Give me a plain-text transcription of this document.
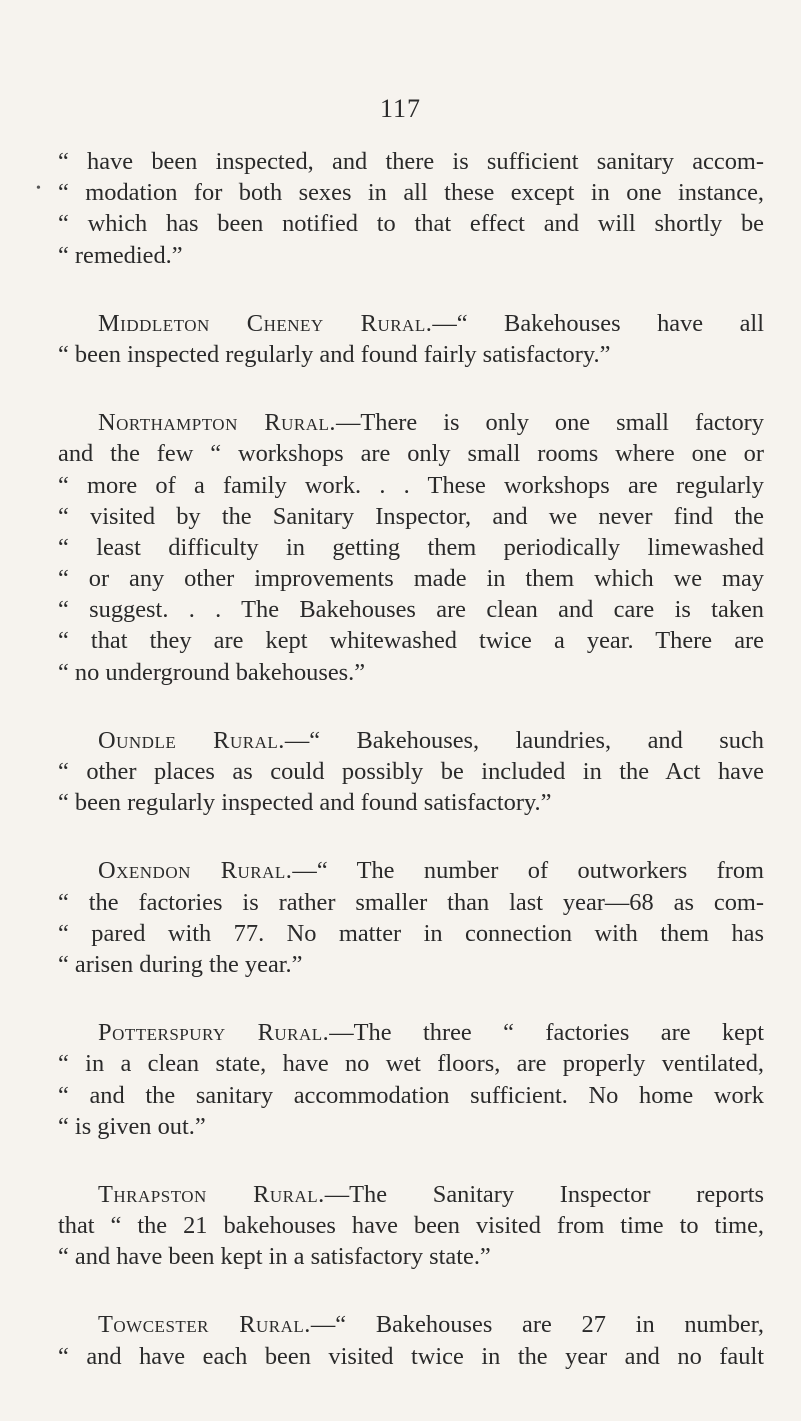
117
•
“ have been inspected, and there is sufficient sanitary accom-
“ modation for both sexes in all these except in one instance,
“ which has been notified to that effect and will shortly be
“ remedied.”
Middleton Cheney Rural.—“ Bakehouses have all
“ been inspected regularly and found fairly satisfactory.”
Northampton Rural.—There is only one small factory
and the few “ workshops are only small rooms where one or
“ more of a family work. . . These workshops are regularly
“ visited by the Sanitary Inspector, and we never find the
“ least difficulty in getting them periodically limewashed
“ or any other improvements made in them which we may
“ suggest. . . The Bakehouses are clean and care is taken
“ that they are kept whitewashed twice a year. There are
“ no underground bakehouses.”
Oundle Rural.—“ Bakehouses, laundries, and such
“ other places as could possibly be included in the Act have
“ been regularly inspected and found satisfactory.”
Oxendon Rural.—“ The number of outworkers from
“ the factories is rather smaller than last year—68 as com-
“ pared with 77. No matter in connection with them has
“ arisen during the year.”
Potterspury Rural.—The three “ factories are kept
“ in a clean state, have no wet floors, are properly ventilated,
“ and the sanitary accommodation sufficient. No home work
“ is given out.”
Thrapston Rural.—The Sanitary Inspector reports
that “ the 21 bakehouses have been visited from time to time,
“ and have been kept in a satisfactory state.”
Towcester Rural.—“ Bakehouses are 27 in number,
“ and have each been visited twice in the year and no fault
